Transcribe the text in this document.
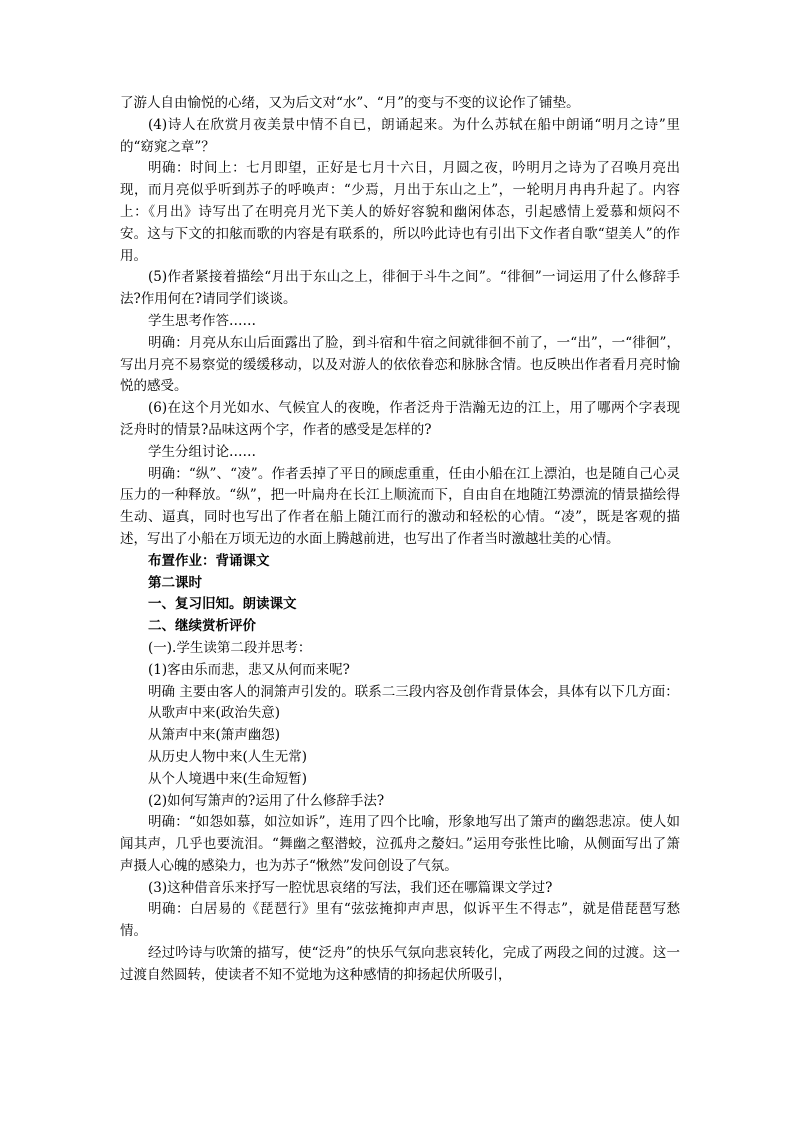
了游人自由愉悦的心绪，又为后文对“水”、“月”的变与不变的议论作了铺垫。

(4)诗人在欣赏月夜美景中情不自已，朗诵起来。为什么苏轼在船中朗诵“明月之诗”里的“窈窕之章”？

明确：时间上：七月即望，正好是七月十六日，月圆之夜，吟明月之诗为了召唤月亮出现，而月亮似乎听到苏子的呼唤声：“少焉，月出于东山之上”，一轮明月冉冉升起了。内容上：《月出》诗写出了在明亮月光下美人的娇好容貌和幽闲体态，引起感情上爱慕和烦闷不安。这与下文的扣舷而歌的内容是有联系的，所以吟此诗也有引出下文作者自歌“望美人”的作用。

(5)作者紧接着描绘“月出于东山之上，徘徊于斗牛之间”。“徘徊”一词运用了什么修辞手法?作用何在?请同学们谈谈。

学生思考作答……

明确：月亮从东山后面露出了脸，到斗宿和牛宿之间就徘徊不前了，一“出”，一“徘徊”，写出月亮不易察觉的缓缓移动，以及对游人的依依眷恋和脉脉含情。也反映出作者看月亮时愉悦的感受。

(6)在这个月光如水、气候宜人的夜晚，作者泛舟于浩瀚无边的江上，用了哪两个字表现泛舟时的情景?品味这两个字，作者的感受是怎样的?

学生分组讨论……

明确：“纵”、“凌”。作者丢掉了平日的顾虑重重，任由小船在江上漂泊，也是随自己心灵压力的一种释放。“纵”，把一叶扁舟在长江上顺流而下，自由自在地随江势漂流的情景描绘得生动、逼真，同时也写出了作者在船上随江而行的激动和轻松的心情。“凌”，既是客观的描述，写出了小船在万顷无边的水面上腾越前进，也写出了作者当时激越壮美的心情。

布置作业：背诵课文

第二课时

一、复习旧知。朗读课文

二、继续赏析评价

(一).学生读第二段并思考：

(1)客由乐而悲，悲又从何而来呢?

明确 主要由客人的洞箫声引发的。联系二三段内容及创作背景体会，具体有以下几方面：

从歌声中来(政治失意)

从箫声中来(箫声幽怨)

从历史人物中来(人生无常)

从个人境遇中来(生命短暂)

(2)如何写箫声的?运用了什么修辞手法?

明确：“如怨如慕，如泣如诉”，连用了四个比喻，形象地写出了箫声的幽怨悲凉。使人如闻其声，几乎也要流泪。“舞幽之壑潜蛟，泣孤舟之嫠妇。”运用夸张性比喻，从侧面写出了箫声摄人心魄的感染力，也为苏子“愀然”发问创设了气氛。

(3)这种借音乐来抒写一腔忧思哀绪的写法，我们还在哪篇课文学过?

明确：白居易的《琵琶行》里有“弦弦掩抑声声思，似诉平生不得志”，就是借琵琶写愁情。

经过吟诗与吹箫的描写，使“泛舟”的快乐气氛向悲哀转化，完成了两段之间的过渡。这一过渡自然圆转，使读者不知不觉地为这种感情的抑扬起伏所吸引，
